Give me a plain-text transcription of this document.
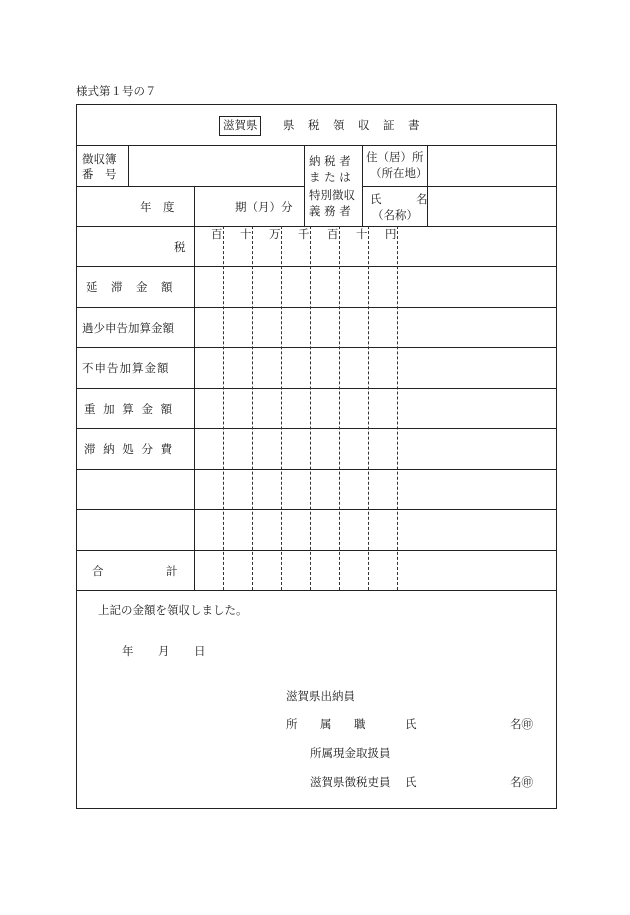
様式第１号の７
滋賀県 県 税 領 収 証 書
徴収簿
番　号
納 税 者
ま た は
特別徴収
義 務 者
住（居）所
（所在地）
年　度	期（月）分
氏　　　名
（名称）
百 十 万 千 百 十 円
税
延　滞　金　額
過少申告加算金額
不申告加算金額
重 加 算 金 額
滞 納 処 分 費
合	計
上記の金額を領収しました。
年 月 日
滋賀県出納員
所 属 職	氏	名㊞
所属現金取扱員
滋賀県徴税吏員 氏	名㊞
